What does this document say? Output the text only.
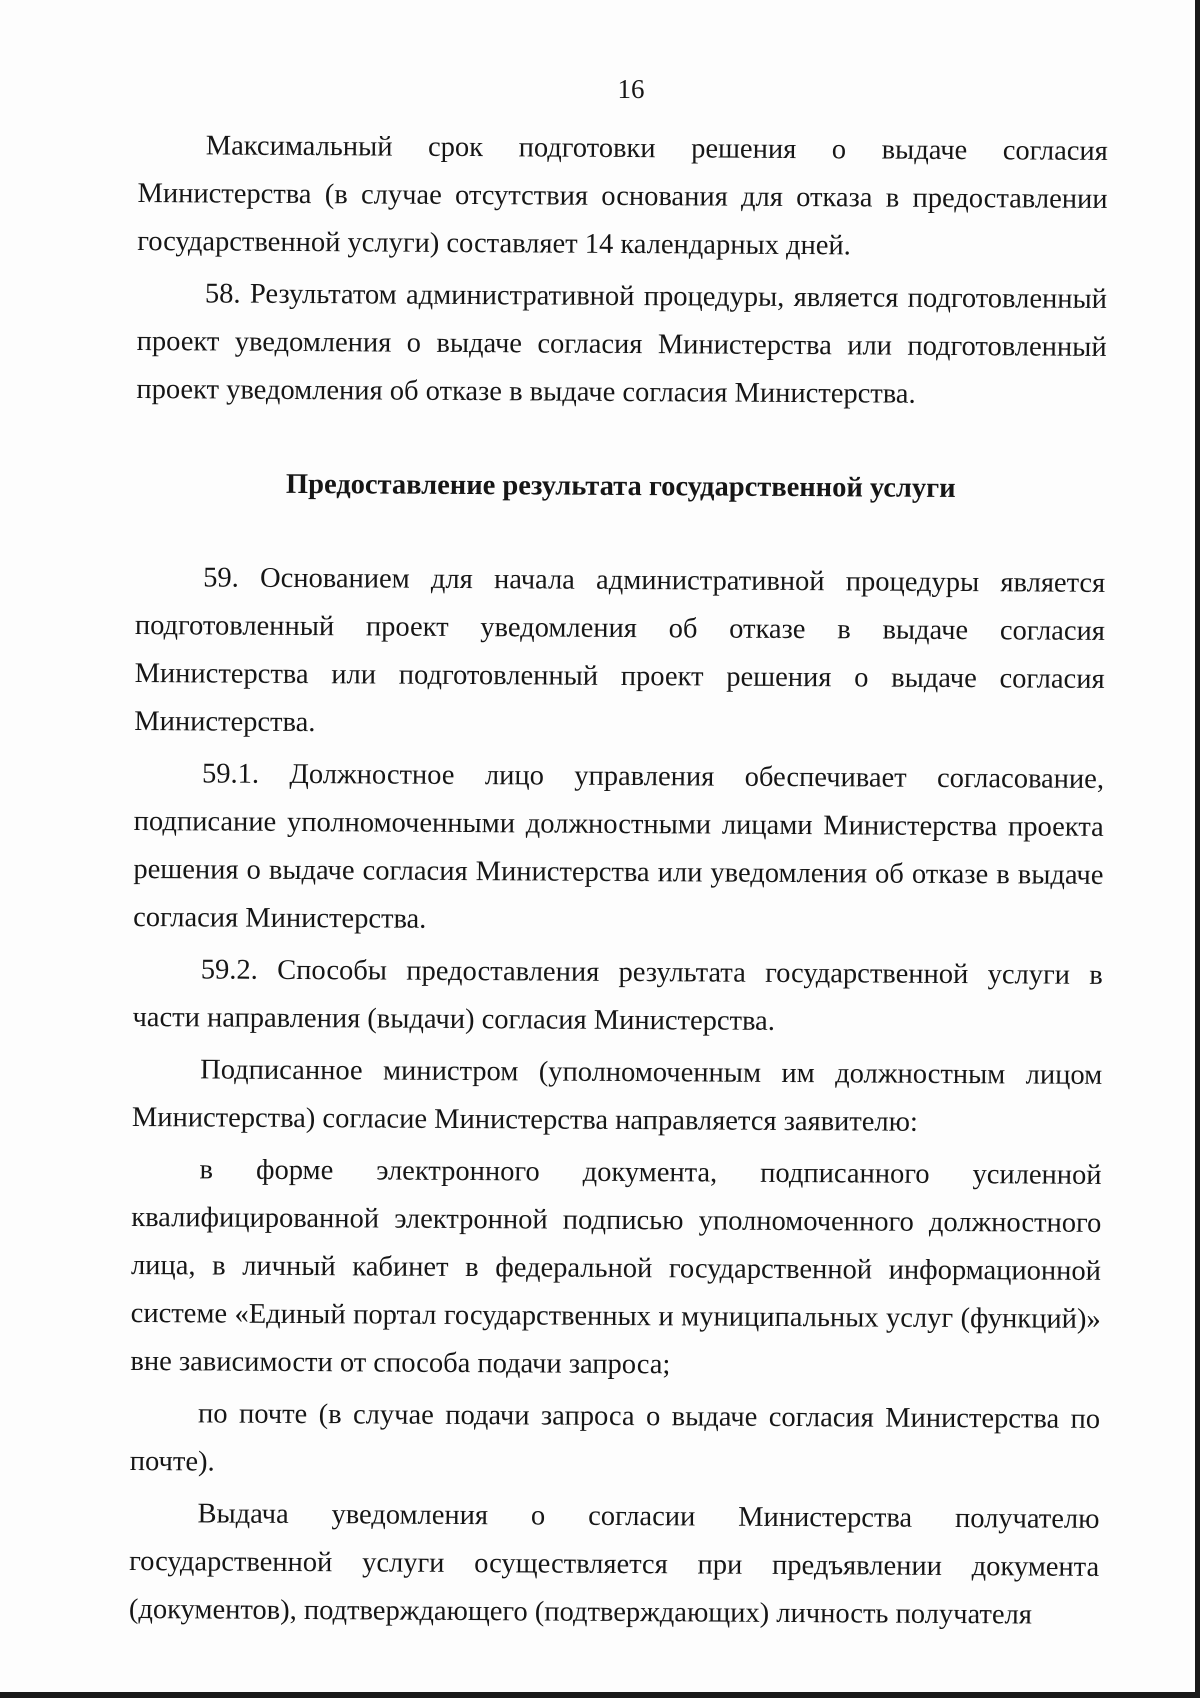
16

Максимальный срок подготовки решения о выдаче согласия Министерства (в случае отсутствия основания для отказа в предоставлении государственной услуги) составляет 14 календарных дней.

58. Результатом административной процедуры, является подготовленный проект уведомления о выдаче согласия Министерства или подготовленный проект уведомления об отказе в выдаче согласия Министерства.

Предоставление результата государственной услуги

59. Основанием для начала административной процедуры является подготовленный проект уведомления об отказе в выдаче согласия Министерства или подготовленный проект решения о выдаче согласия Министерства.

59.1. Должностное лицо управления обеспечивает согласование, подписание уполномоченными должностными лицами Министерства проекта решения о выдаче согласия Министерства или уведомления об отказе в выдаче согласия Министерства.

59.2. Способы предоставления результата государственной услуги в части направления (выдачи) согласия Министерства.

Подписанное министром (уполномоченным им должностным лицом Министерства) согласие Министерства направляется заявителю:

в форме электронного документа, подписанного усиленной квалифицированной электронной подписью уполномоченного должностного лица, в личный кабинет в федеральной государственной информационной системе «Единый портал государственных и муниципальных услуг (функций)» вне зависимости от способа подачи запроса;

по почте (в случае подачи запроса о выдаче согласия Министерства по почте).

Выдача уведомления о согласии Министерства получателю государственной услуги осуществляется при предъявлении документа (документов), подтверждающего (подтверждающих) личность получателя
